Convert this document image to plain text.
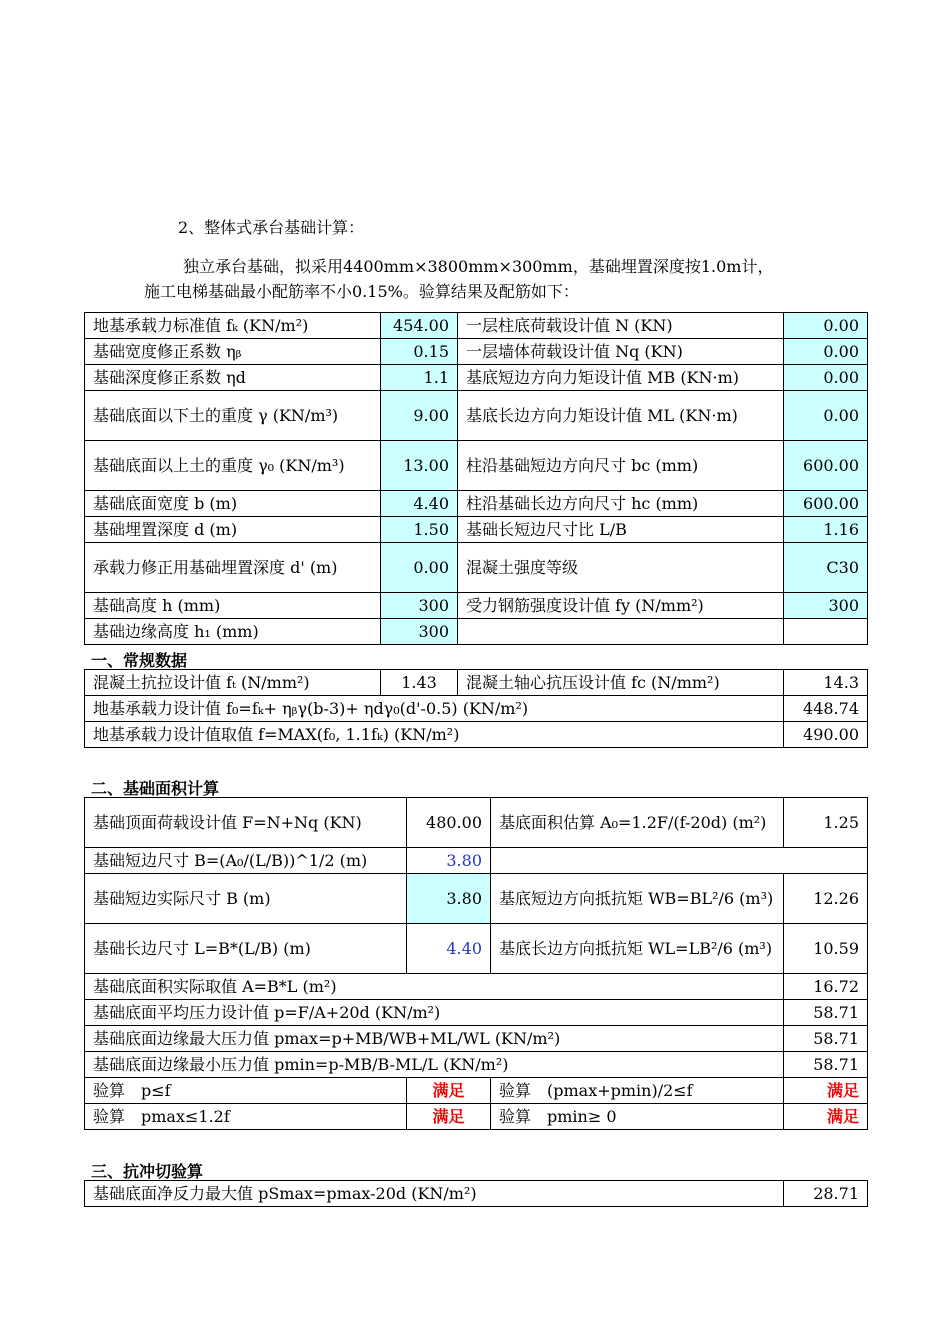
2、整体式承台基础计算：
独立承台基础，拟采用4400mm×3800mm×300mm，基础埋置深度按1.0m计，
施工电梯基础最小配筋率不小0.15%。验算结果及配筋如下：
地基承载力标准值 fₖ (KN/m²)	454.00	一层柱底荷载设计值 N (KN)	0.00
基础宽度修正系数 ηᵦ	0.15	一层墙体荷载设计值 Nq (KN)	0.00
基础深度修正系数 ηd	1.1	基底短边方向力矩设计值 MB (KN·m)	0.00
基础底面以下土的重度 γ (KN/m³)	9.00	基底长边方向力矩设计值 ML (KN·m)	0.00
基础底面以上土的重度 γ₀ (KN/m³)	13.00	柱沿基础短边方向尺寸 bc (mm)	600.00
基础底面宽度 b (m)	4.40	柱沿基础长边方向尺寸 hc (mm)	600.00
基础埋置深度 d (m)	1.50	基础长短边尺寸比 L/B	1.16
承载力修正用基础埋置深度 d' (m)	0.00	混凝土强度等级	C30
基础高度 h (mm)	300	受力钢筋强度设计值 fy (N/mm²)	300
基础边缘高度 h₁ (mm)	300		
一、常规数据
混凝土抗拉设计值 fₜ (N/mm²)	1.43	混凝土轴心抗压设计值 fc (N/mm²)	14.3
地基承载力设计值 f₀=fₖ+ ηᵦγ(b-3)+ ηdγ₀(d'-0.5) (KN/m²)			448.74
地基承载力设计值取值 f=MAX(f₀, 1.1fₖ) (KN/m²)			490.00
二、基础面积计算
基础顶面荷载设计值 F=N+Nq (KN)	480.00	基底面积估算 A₀=1.2F/(f-20d) (m²)	1.25
基础短边尺寸 B=(A₀/(L/B))^1/2 (m)	3.80		
基础短边实际尺寸 B (m)	3.80	基底短边方向抵抗矩 WB=BL²/6 (m³)	12.26
基础长边尺寸 L=B*(L/B) (m)	4.40	基底长边方向抵抗矩 WL=LB²/6 (m³)	10.59
基础底面积实际取值 A=B*L (m²)			16.72
基础底面平均压力设计值 p=F/A+20d (KN/m²)			58.71
基础底面边缘最大压力值 pmax=p+MB/WB+ML/WL (KN/m²)			58.71
基础底面边缘最小压力值 pmin=p-MB/B-ML/L (KN/m²)			58.71
验算　p≤f	满足	验算　(pmax+pmin)/2≤f	满足
验算　pmax≤1.2f	满足	验算　pmin≥ 0	满足
三、抗冲切验算
基础底面净反力最大值 pSmax=pmax-20d (KN/m²)	28.71
